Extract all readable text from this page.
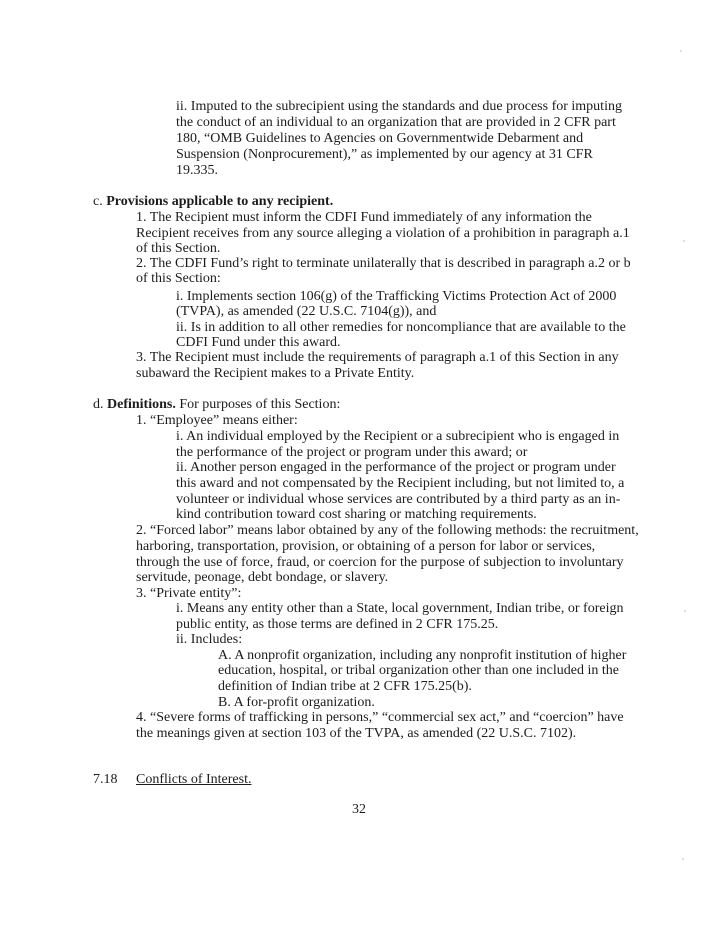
ii. Imputed to the subrecipient using the standards and due process for imputing
the conduct of an individual to an organization that are provided in 2 CFR part
180, “OMB Guidelines to Agencies on Governmentwide Debarment and
Suspension (Nonprocurement),” as implemented by our agency at 31 CFR
19.335.
c. Provisions applicable to any recipient.
1. The Recipient must inform the CDFI Fund immediately of any information the
Recipient receives from any source alleging a violation of a prohibition in paragraph a.1
of this Section.
2. The CDFI Fund’s right to terminate unilaterally that is described in paragraph a.2 or b
of this Section:
i. Implements section 106(g) of the Trafficking Victims Protection Act of 2000
(TVPA), as amended (22 U.S.C. 7104(g)), and
ii. Is in addition to all other remedies for noncompliance that are available to the
CDFI Fund under this award.
3. The Recipient must include the requirements of paragraph a.1 of this Section in any
subaward the Recipient makes to a Private Entity.
d. Definitions. For purposes of this Section:
1. “Employee” means either:
i. An individual employed by the Recipient or a subrecipient who is engaged in
the performance of the project or program under this award; or
ii. Another person engaged in the performance of the project or program under
this award and not compensated by the Recipient including, but not limited to, a
volunteer or individual whose services are contributed by a third party as an in-
kind contribution toward cost sharing or matching requirements.
2. “Forced labor” means labor obtained by any of the following methods: the recruitment,
harboring, transportation, provision, or obtaining of a person for labor or services,
through the use of force, fraud, or coercion for the purpose of subjection to involuntary
servitude, peonage, debt bondage, or slavery.
3. “Private entity”:
i. Means any entity other than a State, local government, Indian tribe, or foreign
public entity, as those terms are defined in 2 CFR 175.25.
ii. Includes:
A. A nonprofit organization, including any nonprofit institution of higher
education, hospital, or tribal organization other than one included in the
definition of Indian tribe at 2 CFR 175.25(b).
B. A for-profit organization.
4. “Severe forms of trafficking in persons,” “commercial sex act,” and “coercion” have
the meanings given at section 103 of the TVPA, as amended (22 U.S.C. 7102).
7.18 Conflicts of Interest.
32
